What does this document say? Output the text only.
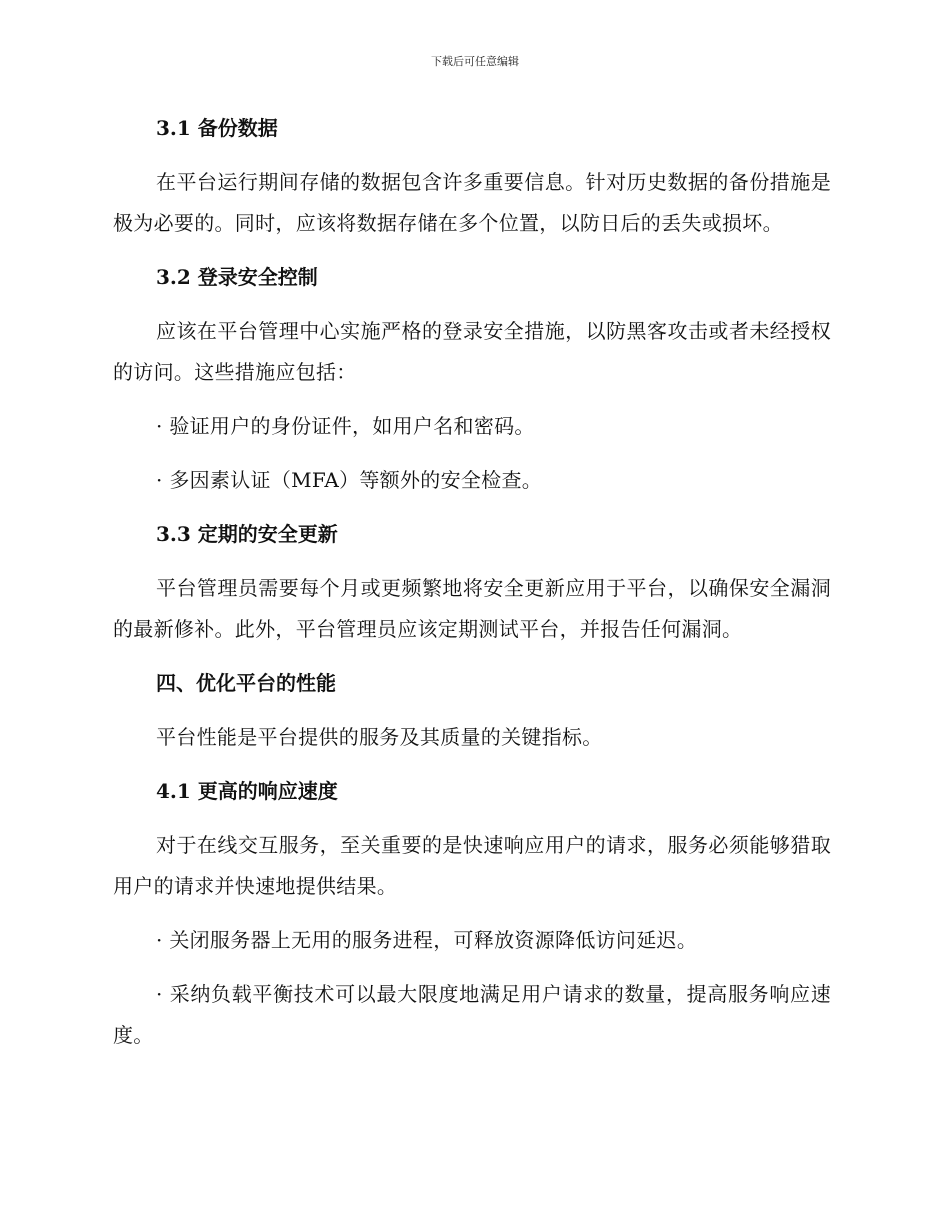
下载后可任意编辑
3.1 备份数据
在平台运行期间存储的数据包含许多重要信息。针对历史数据的备份措施是极为必要的。同时，应该将数据存储在多个位置，以防日后的丢失或损坏。
3.2 登录安全控制
应该在平台管理中心实施严格的登录安全措施，以防黑客攻击或者未经授权的访问。这些措施应包括：
· 验证用户的身份证件，如用户名和密码。
· 多因素认证（MFA）等额外的安全检查。
3.3 定期的安全更新
平台管理员需要每个月或更频繁地将安全更新应用于平台，以确保安全漏洞的最新修补。此外，平台管理员应该定期测试平台，并报告任何漏洞。
四、优化平台的性能
平台性能是平台提供的服务及其质量的关键指标。
4.1 更高的响应速度
对于在线交互服务，至关重要的是快速响应用户的请求，服务必须能够猎取用户的请求并快速地提供结果。
· 关闭服务器上无用的服务进程，可释放资源降低访问延迟。
· 采纳负载平衡技术可以最大限度地满足用户请求的数量，提高服务响应速度。
